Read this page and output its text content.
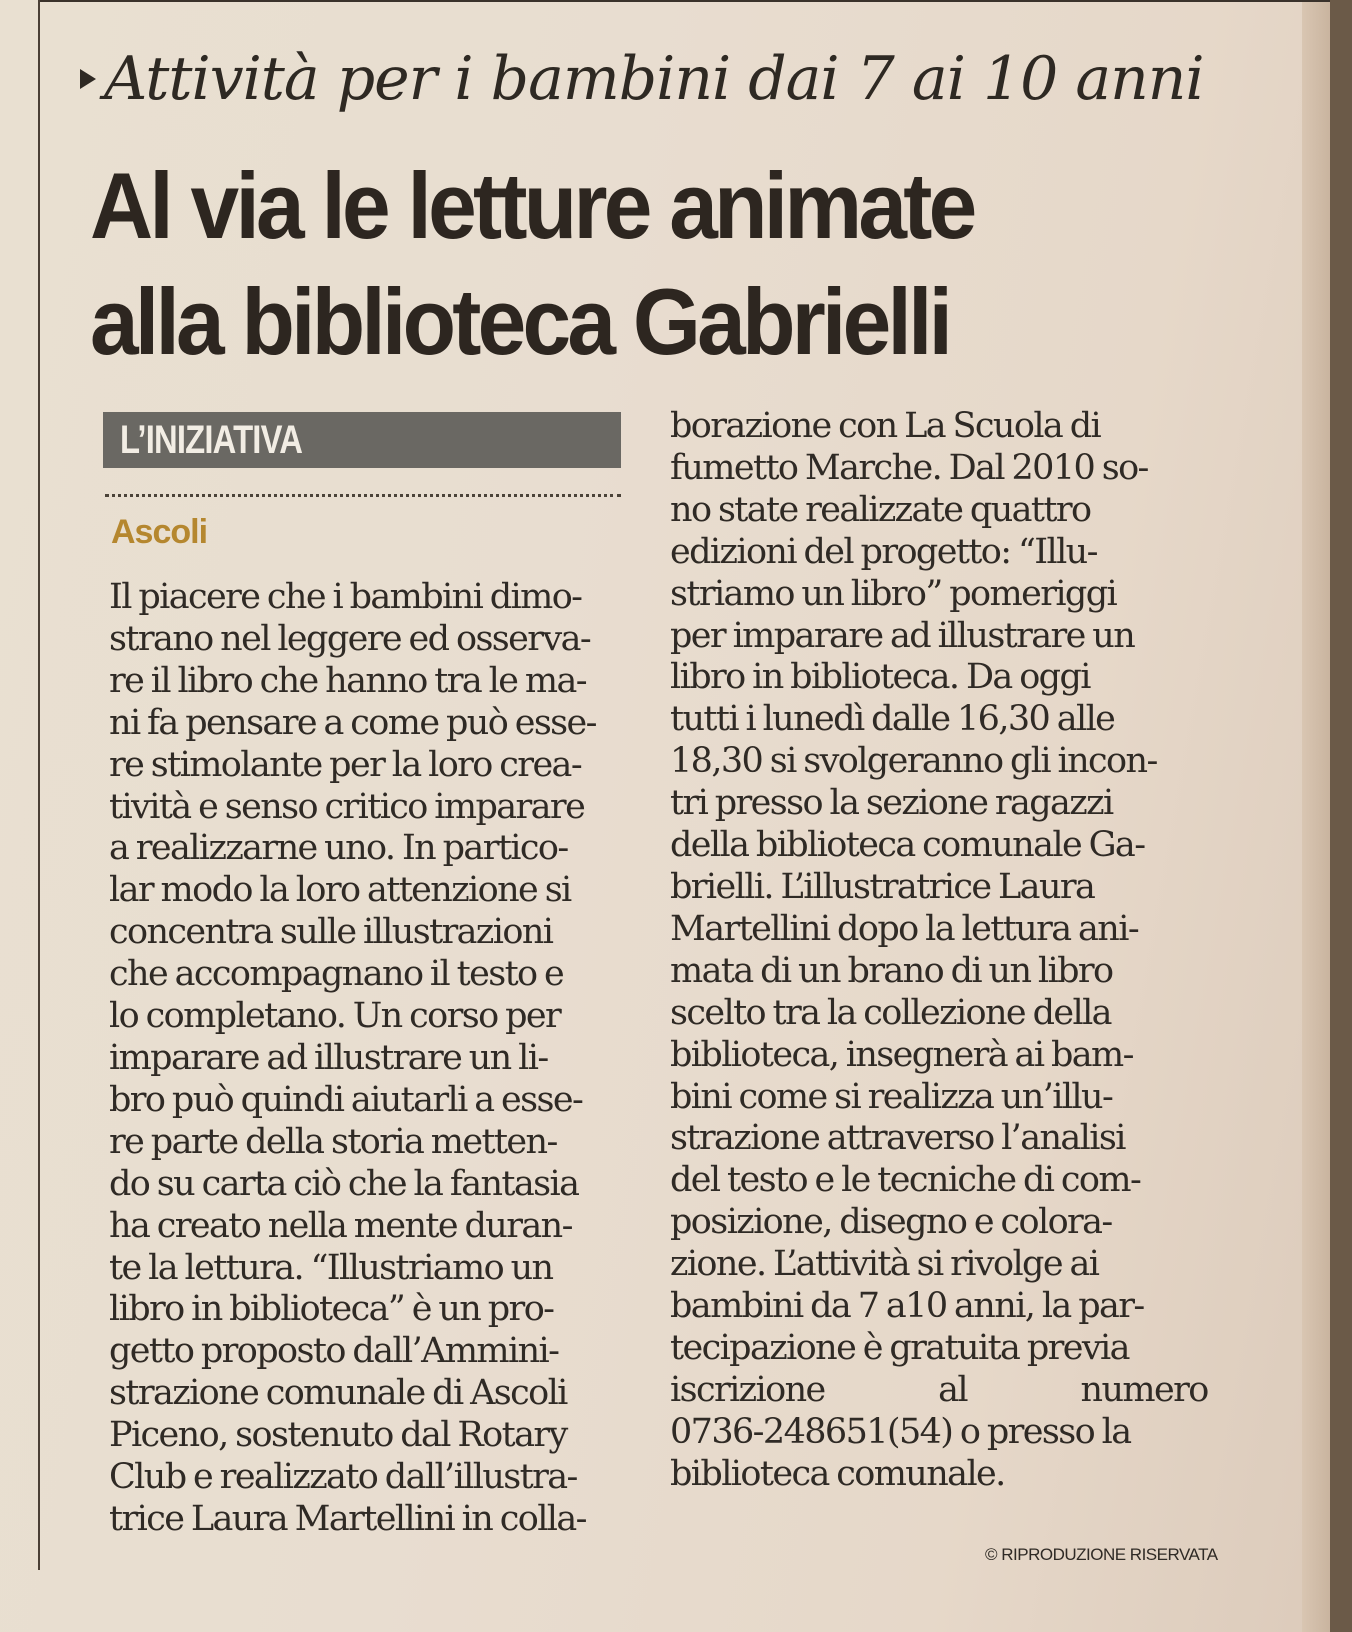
Attività per i bambini dai 7 ai 10 anni
Al via le letture animate
alla biblioteca Gabrielli
L’INIZIATIVA
Ascoli
Il piacere che i bambini dimo-
strano nel leggere ed osserva-
re il libro che hanno tra le ma-
ni fa pensare a come può esse-
re stimolante per la loro crea-
tività e senso critico imparare
a realizzarne uno. In partico-
lar modo la loro attenzione si
concentra sulle illustrazioni
che accompagnano il testo e
lo completano. Un corso per
imparare ad illustrare un li-
bro può quindi aiutarli a esse-
re parte della storia metten-
do su carta ciò che la fantasia
ha creato nella mente duran-
te la lettura. “Illustriamo un
libro in biblioteca” è un pro-
getto proposto dall’Ammini-
strazione comunale di Ascoli
Piceno, sostenuto dal Rotary
Club e realizzato dall’illustra-
trice Laura Martellini in colla-
borazione con La Scuola di
fumetto Marche. Dal 2010 so-
no state realizzate quattro
edizioni del progetto: “Illu-
striamo un libro” pomeriggi
per imparare ad illustrare un
libro in biblioteca. Da oggi
tutti i lunedì dalle 16,30 alle
18,30 si svolgeranno gli incon-
tri presso la sezione ragazzi
della biblioteca comunale Ga-
brielli. L’illustratrice Laura
Martellini dopo la lettura ani-
mata di un brano di un libro
scelto tra la collezione della
biblioteca, insegnerà ai bam-
bini come si realizza un’illu-
strazione attraverso l’analisi
del testo e le tecniche di com-
posizione, disegno e colora-
zione. L’attività si rivolge ai
bambini da 7 a10 anni, la par-
tecipazione è gratuita previa
iscrizione al numero
0736-248651(54) o presso la
biblioteca comunale.
© RIPRODUZIONE RISERVATA
